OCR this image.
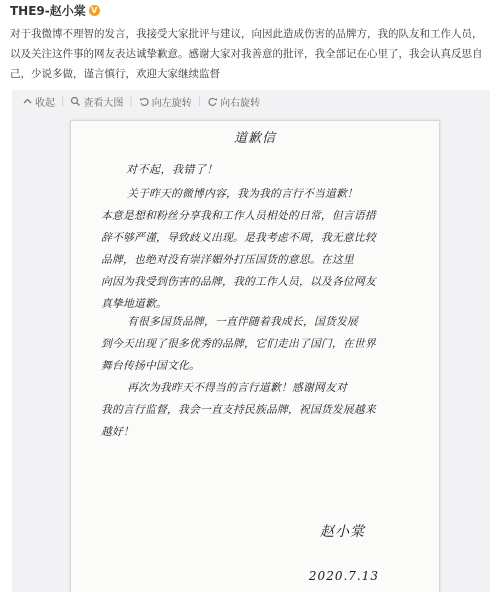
THE9-赵小棠 V
对于我微博不理智的发言，我接受大家批评与建议，向因此造成伤害的品牌方，我的队友和工作人员，以及关注这件事的网友表达诚挚歉意。感谢大家对我善意的批评，我全部记在心里了，我会认真反思自己，少说多做，谨言慎行，欢迎大家继续监督
收起 | 查看大图 | 向左旋转 | 向右旋转
道歉信
对不起，我错了！
关于昨天的微博内容，我为我的言行不当道歉！
本意是想和粉丝分享我和工作人员相处的日常，但言语措
辞不够严谨，导致歧义出现。是我考虑不周，我无意比较
品牌，也绝对没有崇洋媚外打压国货的意思。在这里
向因为我受到伤害的品牌，我的工作人员，以及各位网友
真挚地道歉。
有很多国货品牌，一直伴随着我成长，国货发展
到今天出现了很多优秀的品牌，它们走出了国门，在世界
舞台传扬中国文化。
再次为我昨天不得当的言行道歉！感谢网友对
我的言行监督，我会一直支持民族品牌，祝国货发展越来
越好！
赵小棠
2020.7.13
